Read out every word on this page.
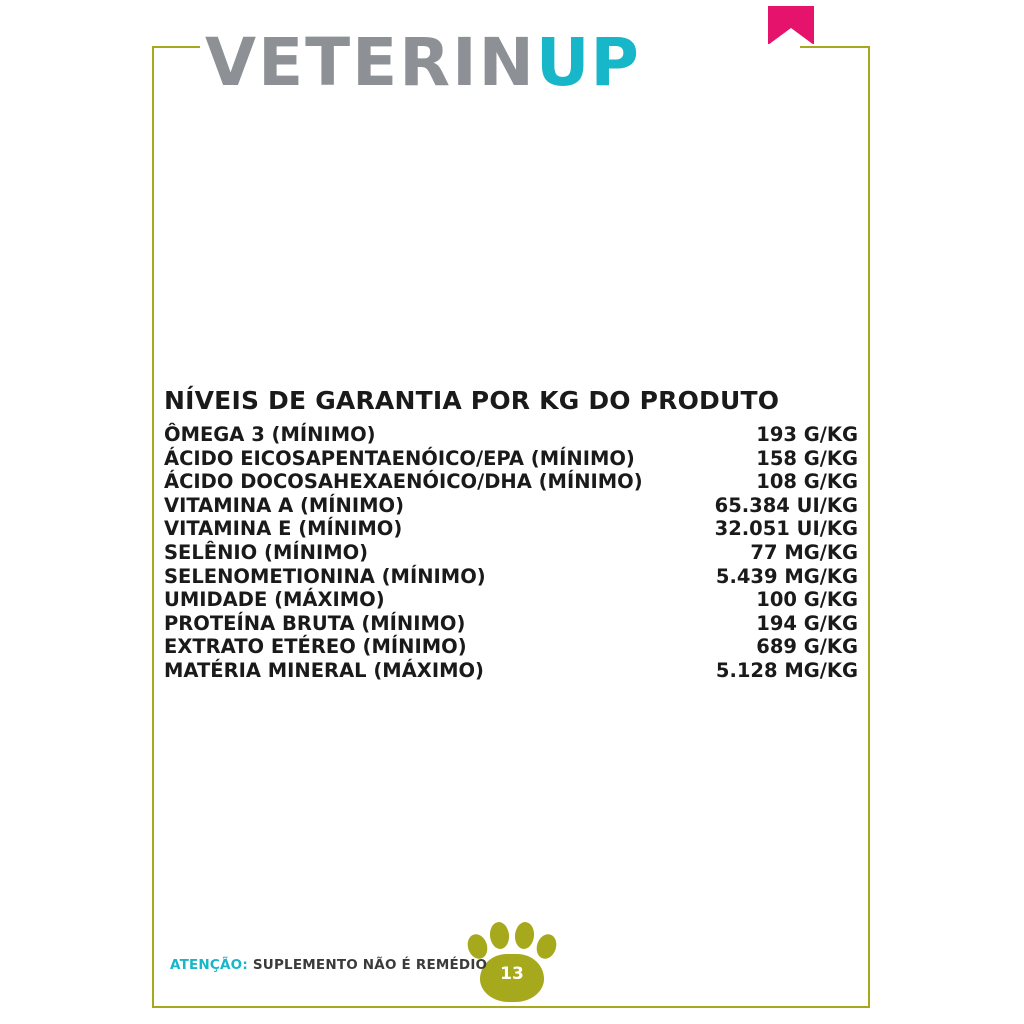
VETERIN UP
NÍVEIS DE GARANTIA POR KG DO PRODUTO
ÔMEGA 3 (MÍNIMO)	193 G/KG
ÁCIDO EICOSAPENTAENÓICO/EPA (MÍNIMO)	158 G/KG
ÁCIDO DOCOSAHEXAENÓICO/DHA (MÍNIMO)	108 G/KG
VITAMINA A (MÍNIMO)	65.384 UI/KG
VITAMINA E (MÍNIMO)	32.051 UI/KG
SELÊNIO (MÍNIMO)	77 MG/KG
SELENOMETIONINA (MÍNIMO)	5.439 MG/KG
UMIDADE (MÁXIMO)	100 G/KG
PROTEÍNA BRUTA (MÍNIMO)	194 G/KG
EXTRATO ETÉREO (MÍNIMO)	689 G/KG
MATÉRIA MINERAL (MÁXIMO)	5.128 MG/KG
13
ATENÇÃO: SUPLEMENTO NÃO É REMÉDIO
